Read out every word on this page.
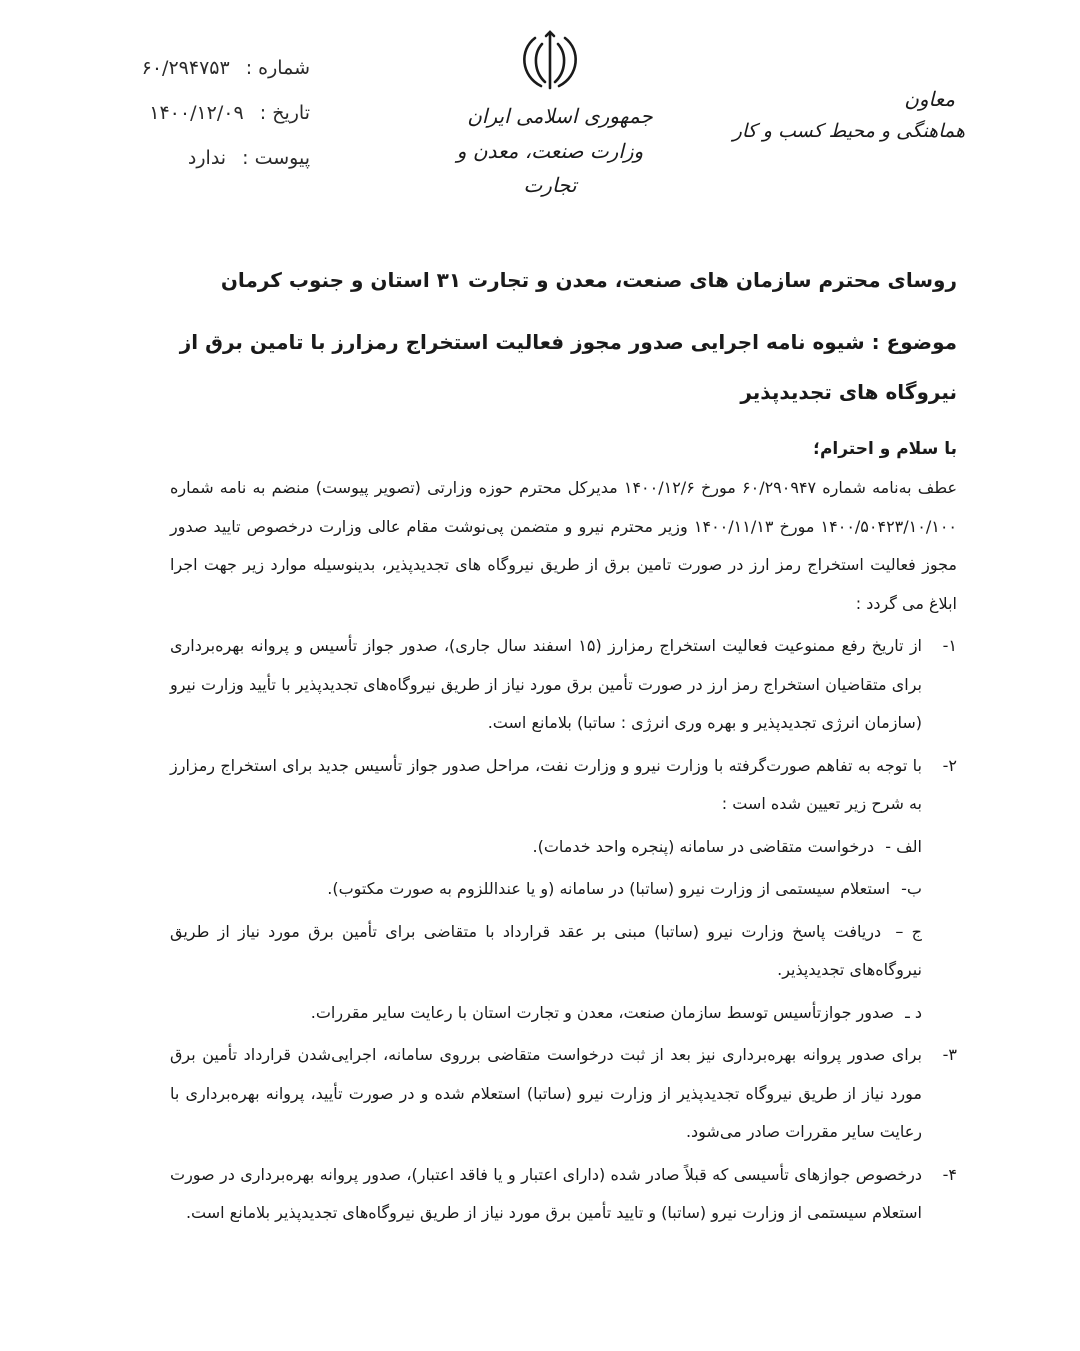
شماره : ۶۰/۲۹۴۷۵۳
تاریخ : ۱۴۰۰/۱۲/۰۹
پیوست : ندارد
جمهوری اسلامی ایران
وزارت صنعت، معدن و تجارت
معاون
هماهنگی و محیط کسب و کار

روسای محترم سازمان های صنعت، معدن و تجارت ۳۱ استان و جنوب کرمان

موضوع : شیوه نامه اجرایی صدور مجوز فعالیت استخراج رمزارز با تامین برق از نیروگاه های تجدیدپذیر

با سلام و احترام؛

عطف به‌نامه شماره ۶۰/۲۹۰۹۴۷ مورخ ۱۴۰۰/۱۲/۶ مدیرکل محترم حوزه وزارتی (تصویر پیوست) منضم به نامه شماره ۱۴۰۰/۵۰۴۲۳/۱۰/۱۰۰ مورخ ۱۴۰۰/۱۱/۱۳ وزیر محترم نیرو و متضمن پی‌نوشت مقام عالی وزارت درخصوص تایید صدور مجوز فعالیت استخراج رمز ارز در صورت تامین برق از طریق نیروگاه های تجدیدپذیر، بدینوسیله موارد زیر جهت اجرا ابلاغ می گردد :

۱-

از تاریخ رفع ممنوعیت فعالیت استخراج رمزارز (۱۵ اسفند سال جاری)، صدور جواز تأسیس و پروانه بهره‌برداری برای متقاضیان استخراج رمز ارز در صورت تأمین برق مورد نیاز از طریق نیروگاه‌های تجدیدپذیر با تأیید وزارت نیرو (سازمان انرژی تجدیدپذیر و بهره وری انرژی : ساتبا) بلامانع است.

۲-

با توجه به تفاهم صورت‌گرفته با وزارت نیرو و وزارت نفت، مراحل صدور جواز تأسیس جدید برای استخراج رمزارز به شرح زیر تعیین شده است :

الف - درخواست متقاضی در سامانه (پنجره واحد خدمات).

ب- استعلام سیستمی از وزارت نیرو (ساتبا) در سامانه (و یا عنداللزوم به صورت مکتوب).

ج – دریافت پاسخ وزارت نیرو (ساتبا) مبنی بر عقد قرارداد با متقاضی برای تأمین برق مورد نیاز از طریق نیروگاه‌های تجدیدپذیر.

د ـ صدور جوازتأسیس توسط سازمان صنعت، معدن و تجارت استان با رعایت سایر مقررات.

۳-

برای صدور پروانه بهره‌برداری نیز بعد از ثبت درخواست متقاضی برروی سامانه، اجرایی‌شدن قرارداد تأمین برق مورد نیاز از طریق نیروگاه تجدیدپذیر از وزارت نیرو (ساتبا) استعلام شده و در صورت تأیید، پروانه بهره‌برداری با رعایت سایر مقررات صادر می‌شود.

۴-

درخصوص جوازهای تأسیسی که قبلاً صادر شده (دارای اعتبار و یا فاقد اعتبار)، صدور پروانه بهره‌برداری در صورت استعلام سیستمی از وزارت نیرو (ساتبا) و تایید تأمین برق مورد نیاز از طریق نیروگاه‌های تجدیدپذیر بلامانع است.
